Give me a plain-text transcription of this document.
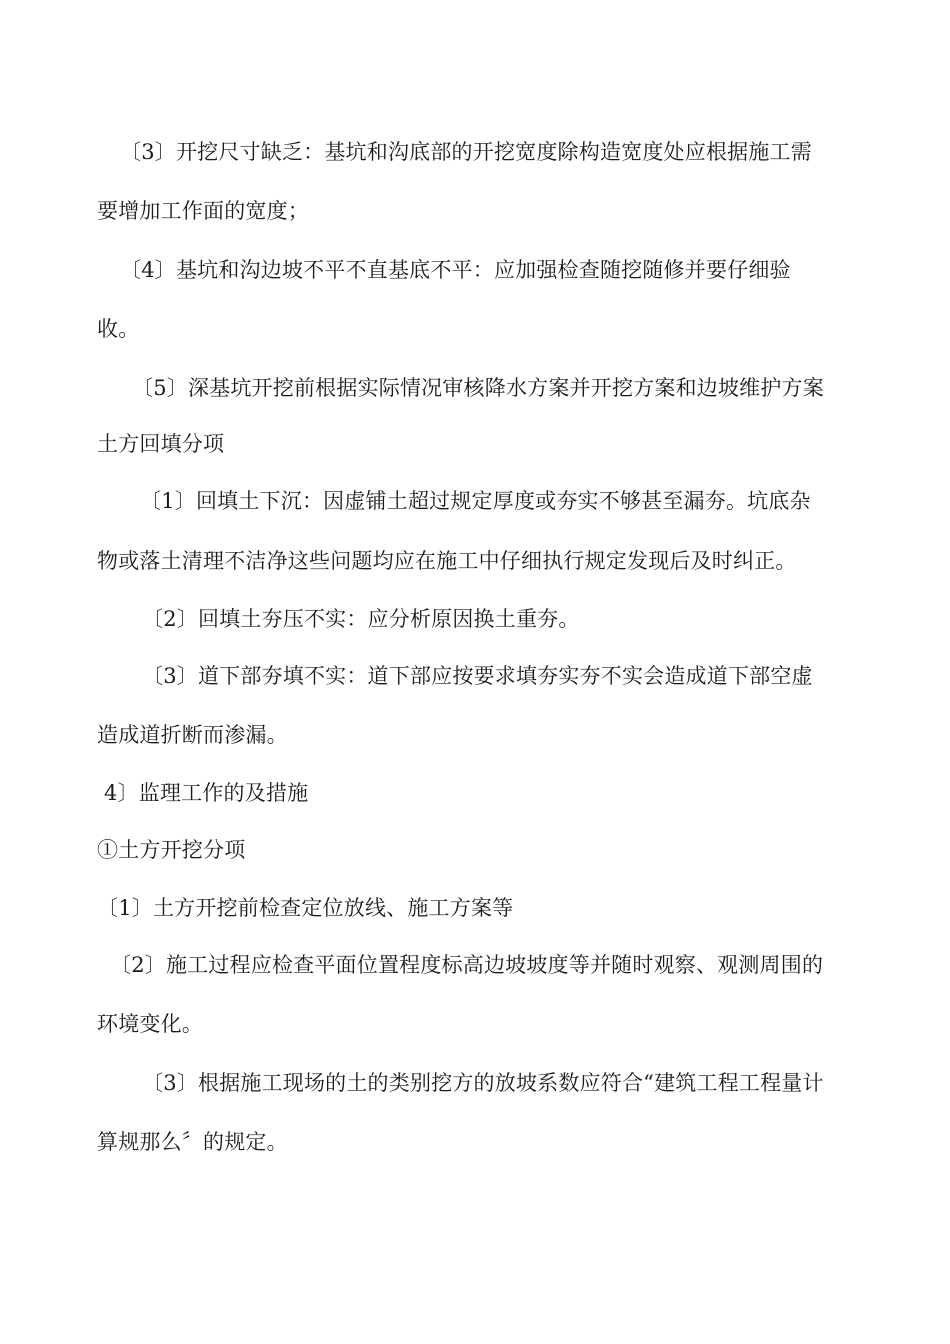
〔3〕开挖尺寸缺乏：基坑和沟底部的开挖宽度除构造宽度处应根据施工需
要增加工作面的宽度；
〔4〕基坑和沟边坡不平不直基底不平：应加强检查随挖随修并要仔细验
收。
〔5〕深基坑开挖前根据实际情况审核降水方案并开挖方案和边坡维护方案
土方回填分项
〔1〕回填土下沉：因虚铺土超过规定厚度或夯实不够甚至漏夯。坑底杂
物或落土清理不洁净这些问题均应在施工中仔细执行规定发现后及时纠正。
〔2〕回填土夯压不实：应分析原因换土重夯。
〔3〕道下部夯填不实：道下部应按要求填夯实夯不实会造成道下部空虚
造成道折断而渗漏。
4〕监理工作的及措施
①土方开挖分项
〔1〕土方开挖前检查定位放线、施工方案等
〔2〕施工过程应检查平面位置程度标高边坡坡度等并随时观察、观测周围的
环境变化。
〔3〕根据施工现场的土的类别挖方的放坡系数应符合“建筑工程工程量计
算规那么〞的规定。
